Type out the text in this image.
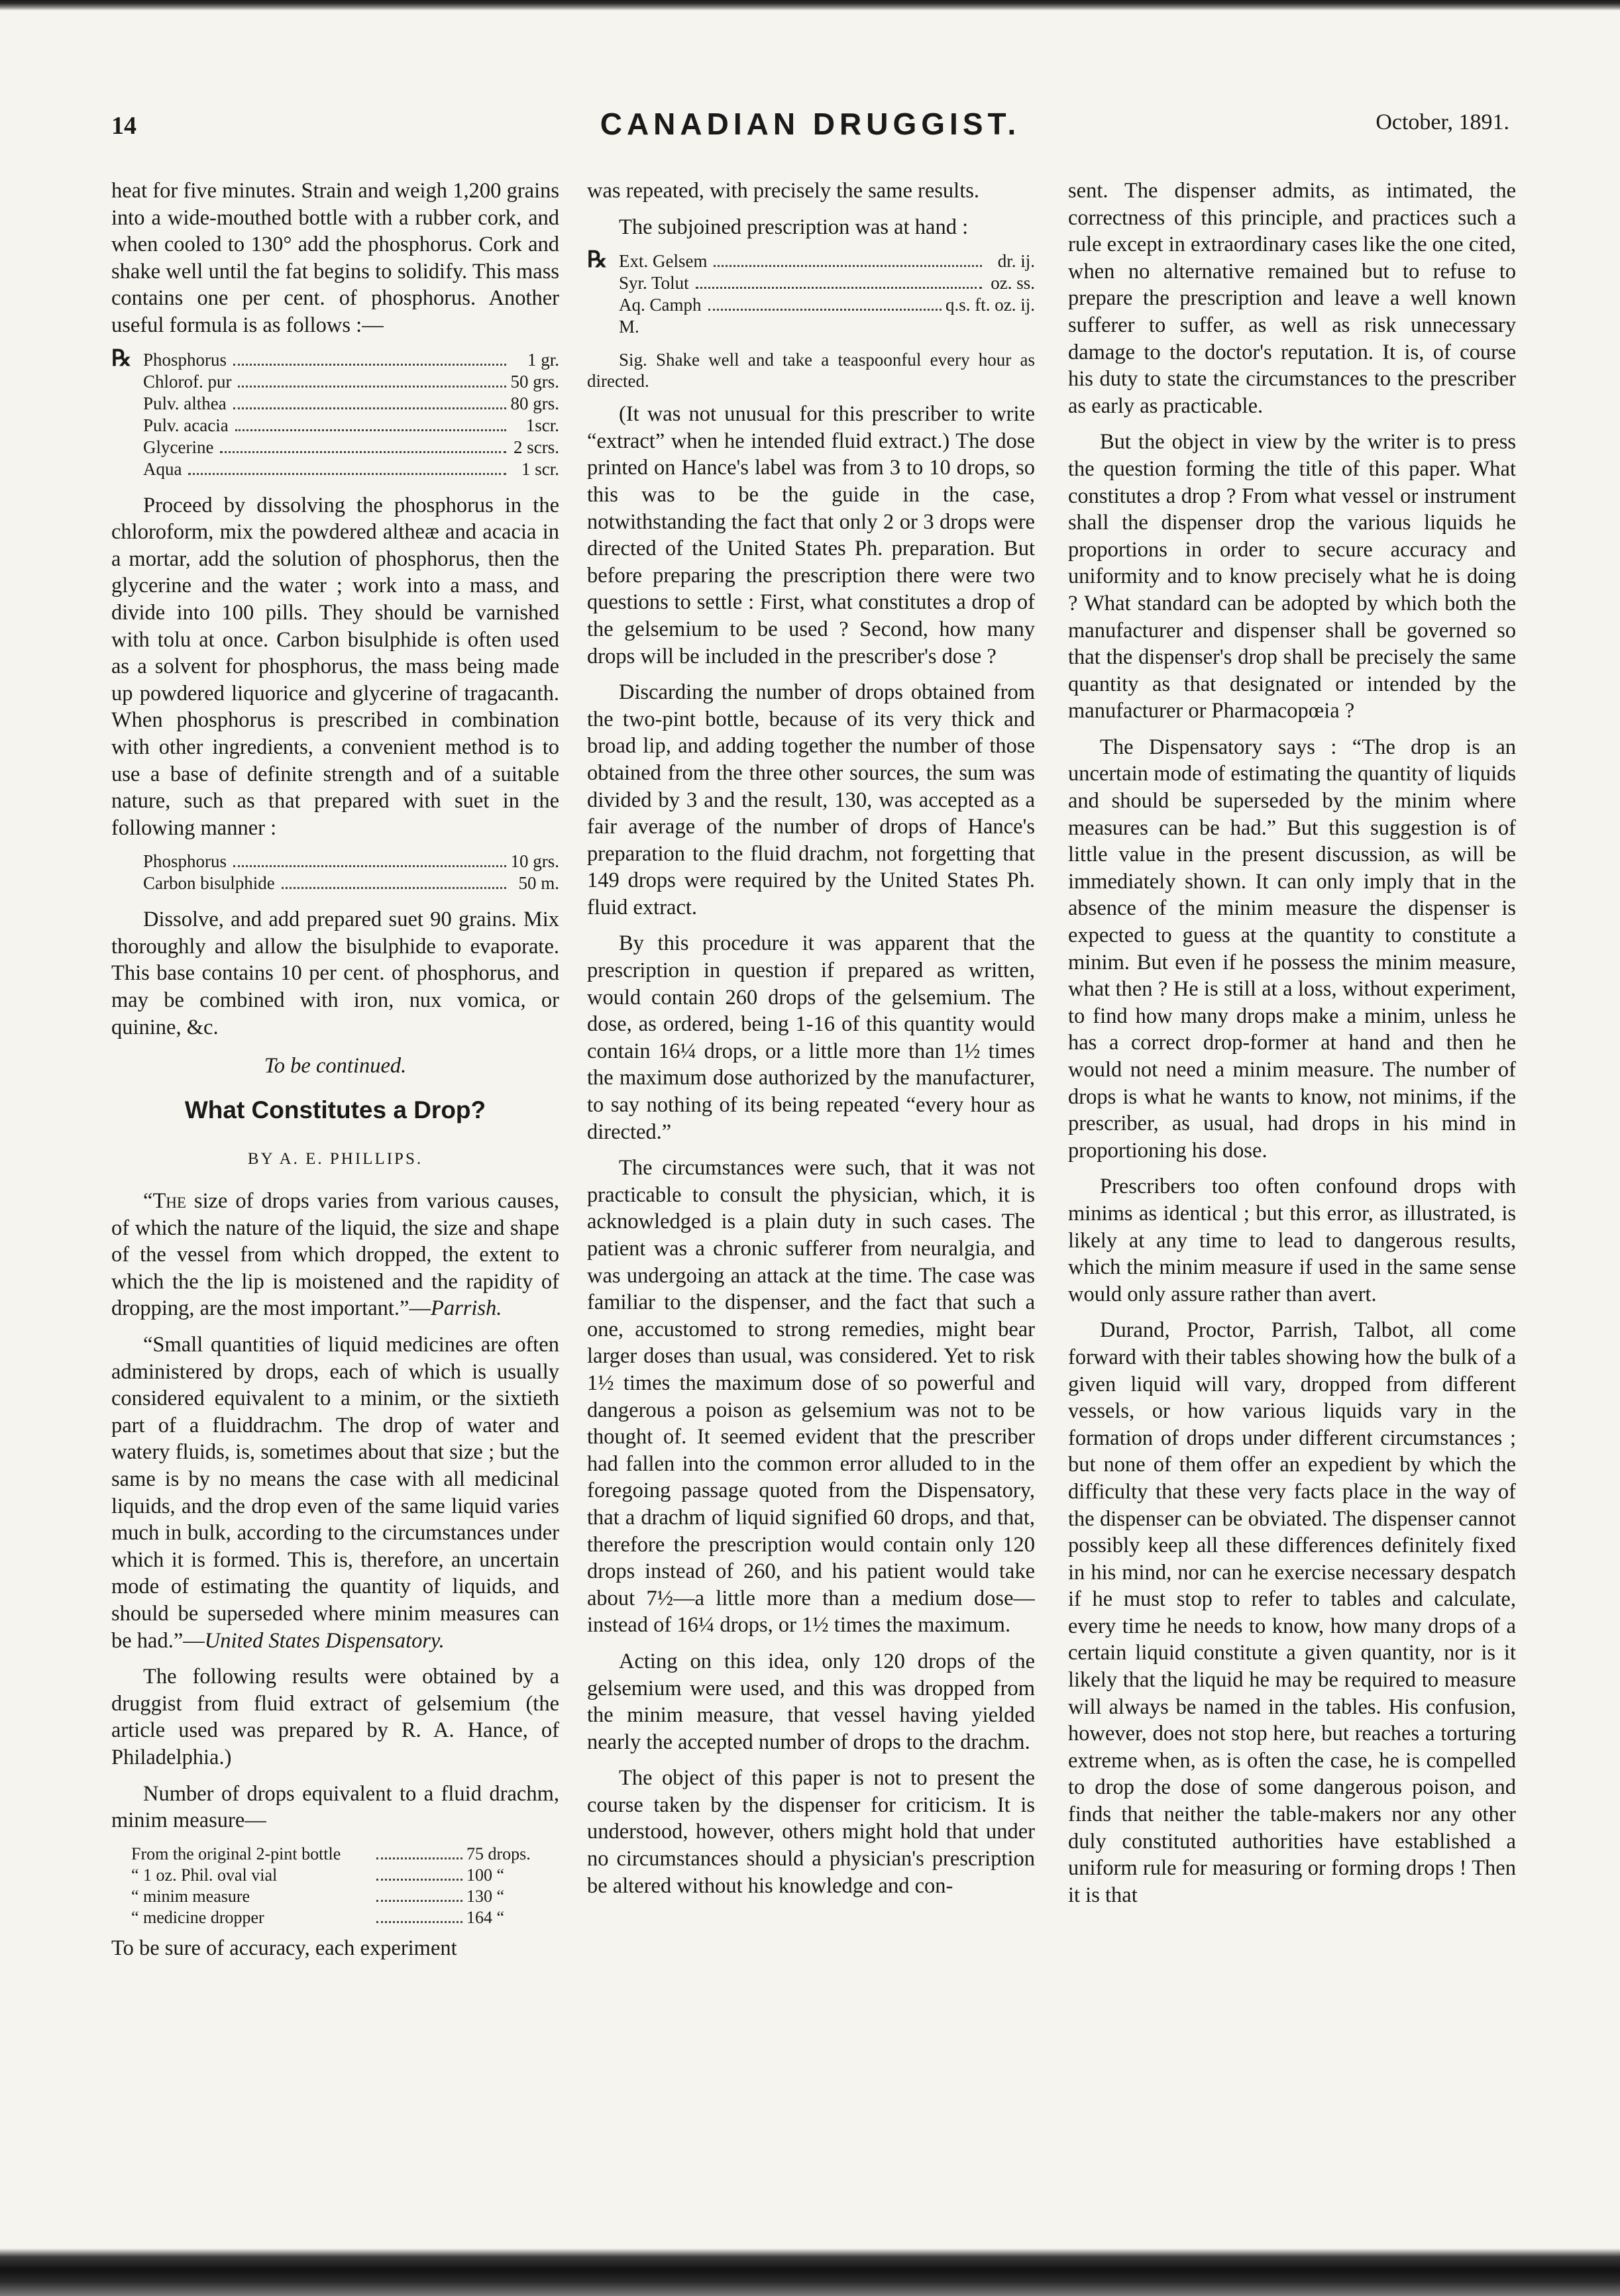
14	CANADIAN DRUGGIST.	October, 1891.

heat for five minutes. Strain and weigh 1,200 grains into a wide-mouthed bottle with a rubber cork, and when cooled to 130° add the phosphorus. Cork and shake well until the fat begins to solidify. This mass contains one per cent. of phosphorus. Another useful formula is as follows :—

℞ Phosphorus	1 gr.
Chlorof. pur	50 grs.
Pulv. althea	80 grs.
Pulv. acacia	1scr.
Glycerine	2 scrs.
Aqua	1 scr.

Proceed by dissolving the phosphorus in the chloroform, mix the powdered altheæ and acacia in a mortar, add the solution of phosphorus, then the glycerine and the water ; work into a mass, and divide into 100 pills. They should be varnished with tolu at once. Carbon bisulphide is often used as a solvent for phosphorus, the mass being made up powdered liquorice and glycerine of tragacanth. When phosphorus is prescribed in combination with other ingredients, a convenient method is to use a base of definite strength and of a suitable nature, such as that prepared with suet in the following manner :

Phosphorus	10 grs.
Carbon bisulphide	50 m.

Dissolve, and add prepared suet 90 grains. Mix thoroughly and allow the bisulphide to evaporate. This base contains 10 per cent. of phosphorus, and may be combined with iron, nux vomica, or quinine, &c.

To be continued.
What Constitutes a Drop?
BY A. E. PHILLIPS.

“The size of drops varies from various causes, of which the nature of the liquid, the size and shape of the vessel from which dropped, the extent to which the the lip is moistened and the rapidity of dropping, are the most important.”—Parrish.

“Small quantities of liquid medicines are often administered by drops, each of which is usually considered equivalent to a minim, or the sixtieth part of a fluiddrachm. The drop of water and watery fluids, is, sometimes about that size ; but the same is by no means the case with all medicinal liquids, and the drop even of the same liquid varies much in bulk, according to the circumstances under which it is formed. This is, therefore, an uncertain mode of estimating the quantity of liquids, and should be superseded where minim measures can be had.”—United States Dispensatory.

The following results were obtained by a druggist from fluid extract of gelsemium (the article used was prepared by R. A. Hance, of Philadelphia.)

Number of drops equivalent to a fluid drachm, minim measure—

From the original 2-pint bottle	75 drops.
“ 1 oz. Phil. oval vial	100 “
“ minim measure	130 “
“ medicine dropper	164 “

To be sure of accuracy, each experiment

was repeated, with precisely the same results.

The subjoined prescription was at hand :

℞ Ext. Gelsem	dr. ij.
Syr. Tolut	oz. ss.
Aq. Camph	q.s. ft. oz. ij.
M.

Sig. Shake well and take a teaspoonful every hour as directed.

(It was not unusual for this prescriber to write “extract” when he intended fluid extract.) The dose printed on Hance's label was from 3 to 10 drops, so this was to be the guide in the case, notwithstanding the fact that only 2 or 3 drops were directed of the United States Ph. preparation. But before preparing the prescription there were two questions to settle : First, what constitutes a drop of the gelsemium to be used ? Second, how many drops will be included in the prescriber's dose ?

Discarding the number of drops obtained from the two-pint bottle, because of its very thick and broad lip, and adding together the number of those obtained from the three other sources, the sum was divided by 3 and the result, 130, was accepted as a fair average of the number of drops of Hance's preparation to the fluid drachm, not forgetting that 149 drops were required by the United States Ph. fluid extract.

By this procedure it was apparent that the prescription in question if prepared as written, would contain 260 drops of the gelsemium. The dose, as ordered, being 1-16 of this quantity would contain 16¼ drops, or a little more than 1½ times the maximum dose authorized by the manufacturer, to say nothing of its being repeated “every hour as directed.”

The circumstances were such, that it was not practicable to consult the physician, which, it is acknowledged is a plain duty in such cases. The patient was a chronic sufferer from neuralgia, and was undergoing an attack at the time. The case was familiar to the dispenser, and the fact that such a one, accustomed to strong remedies, might bear larger doses than usual, was considered. Yet to risk 1½ times the maximum dose of so powerful and dangerous a poison as gelsemium was not to be thought of. It seemed evident that the prescriber had fallen into the common error alluded to in the foregoing passage quoted from the Dispensatory, that a drachm of liquid signified 60 drops, and that, therefore the prescription would contain only 120 drops instead of 260, and his patient would take about 7½—a little more than a medium dose—instead of 16¼ drops, or 1½ times the maximum.

Acting on this idea, only 120 drops of the gelsemium were used, and this was dropped from the minim measure, that vessel having yielded nearly the accepted number of drops to the drachm.

The object of this paper is not to present the course taken by the dispenser for criticism. It is understood, however, others might hold that under no circumstances should a physician's prescription be altered without his knowledge and con-

sent. The dispenser admits, as intimated, the correctness of this principle, and practices such a rule except in extraordinary cases like the one cited, when no alternative remained but to refuse to prepare the prescription and leave a well known sufferer to suffer, as well as risk unnecessary damage to the doctor's reputation. It is, of course his duty to state the circumstances to the prescriber as early as practicable.

But the object in view by the writer is to press the question forming the title of this paper. What constitutes a drop ? From what vessel or instrument shall the dispenser drop the various liquids he proportions in order to secure accuracy and uniformity and to know precisely what he is doing ? What standard can be adopted by which both the manufacturer and dispenser shall be governed so that the dispenser's drop shall be precisely the same quantity as that designated or intended by the manufacturer or Pharmacopœia ?

The Dispensatory says : “The drop is an uncertain mode of estimating the quantity of liquids and should be superseded by the minim where measures can be had.” But this suggestion is of little value in the present discussion, as will be immediately shown. It can only imply that in the absence of the minim measure the dispenser is expected to guess at the quantity to constitute a minim. But even if he possess the minim measure, what then ? He is still at a loss, without experiment, to find how many drops make a minim, unless he has a correct drop-former at hand and then he would not need a minim measure. The number of drops is what he wants to know, not minims, if the prescriber, as usual, had drops in his mind in proportioning his dose.

Prescribers too often confound drops with minims as identical ; but this error, as illustrated, is likely at any time to lead to dangerous results, which the minim measure if used in the same sense would only assure rather than avert.

Durand, Proctor, Parrish, Talbot, all come forward with their tables showing how the bulk of a given liquid will vary, dropped from different vessels, or how various liquids vary in the formation of drops under different circumstances ; but none of them offer an expedient by which the difficulty that these very facts place in the way of the dispenser can be obviated. The dispenser cannot possibly keep all these differences definitely fixed in his mind, nor can he exercise necessary despatch if he must stop to refer to tables and calculate, every time he needs to know, how many drops of a certain liquid constitute a given quantity, nor is it likely that the liquid he may be required to measure will always be named in the tables. His confusion, however, does not stop here, but reaches a torturing extreme when, as is often the case, he is compelled to drop the dose of some dangerous poison, and finds that neither the table-makers nor any other duly constituted authorities have established a uniform rule for measuring or forming drops ! Then it is that
